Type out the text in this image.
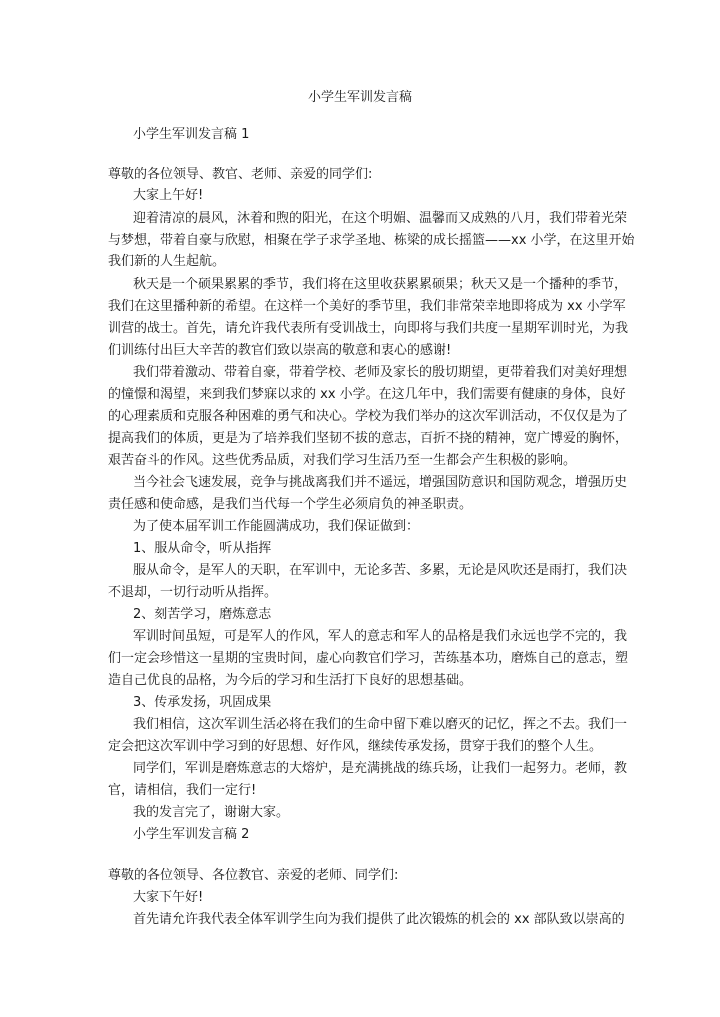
小学生军训发言稿
小学生军训发言稿 1
尊敬的各位领导、教官、老师、亲爱的同学们:
大家上午好!
迎着清凉的晨风，沐着和煦的阳光，在这个明媚、温馨而又成熟的八月，我们带着光荣
与梦想，带着自豪与欣慰，相聚在学子求学圣地、栋梁的成长摇篮——xx 小学，在这里开始
我们新的人生起航。
秋天是一个硕果累累的季节，我们将在这里收获累累硕果；秋天又是一个播种的季节，
我们在这里播种新的希望。在这样一个美好的季节里，我们非常荣幸地即将成为 xx 小学军
训营的战士。首先，请允许我代表所有受训战士，向即将与我们共度一星期军训时光，为我
们训练付出巨大辛苦的教官们致以崇高的敬意和衷心的感谢!
我们带着激动、带着自豪，带着学校、老师及家长的殷切期望，更带着我们对美好理想
的憧憬和渴望，来到我们梦寐以求的 xx 小学。在这几年中，我们需要有健康的身体，良好
的心理素质和克服各种困难的勇气和决心。学校为我们举办的这次军训活动，不仅仅是为了
提高我们的体质，更是为了培养我们坚韧不拔的意志，百折不挠的精神，宽广博爱的胸怀，
艰苦奋斗的作风。这些优秀品质，对我们学习生活乃至一生都会产生积极的影响。
当今社会飞速发展，竞争与挑战离我们并不遥远，增强国防意识和国防观念，增强历史
责任感和使命感，是我们当代每一个学生必须肩负的神圣职责。
为了使本届军训工作能圆满成功，我们保证做到：
1、服从命令，听从指挥
服从命令，是军人的天职，在军训中，无论多苦、多累，无论是风吹还是雨打，我们决
不退却，一切行动听从指挥。
2、刻苦学习，磨炼意志
军训时间虽短，可是军人的作风，军人的意志和军人的品格是我们永远也学不完的，我
们一定会珍惜这一星期的宝贵时间，虚心向教官们学习，苦练基本功，磨炼自己的意志，塑
造自己优良的品格，为今后的学习和生活打下良好的思想基础。
3、传承发扬，巩固成果
我们相信，这次军训生活必将在我们的生命中留下难以磨灭的记忆，挥之不去。我们一
定会把这次军训中学习到的好思想、好作风，继续传承发扬，贯穿于我们的整个人生。
同学们，军训是磨炼意志的大熔炉，是充满挑战的练兵场，让我们一起努力。老师，教
官，请相信，我们一定行!
我的发言完了，谢谢大家。
小学生军训发言稿 2
尊敬的各位领导、各位教官、亲爱的老师、同学们:
大家下午好!
首先请允许我代表全体军训学生向为我们提供了此次锻炼的机会的 xx 部队致以崇高的
